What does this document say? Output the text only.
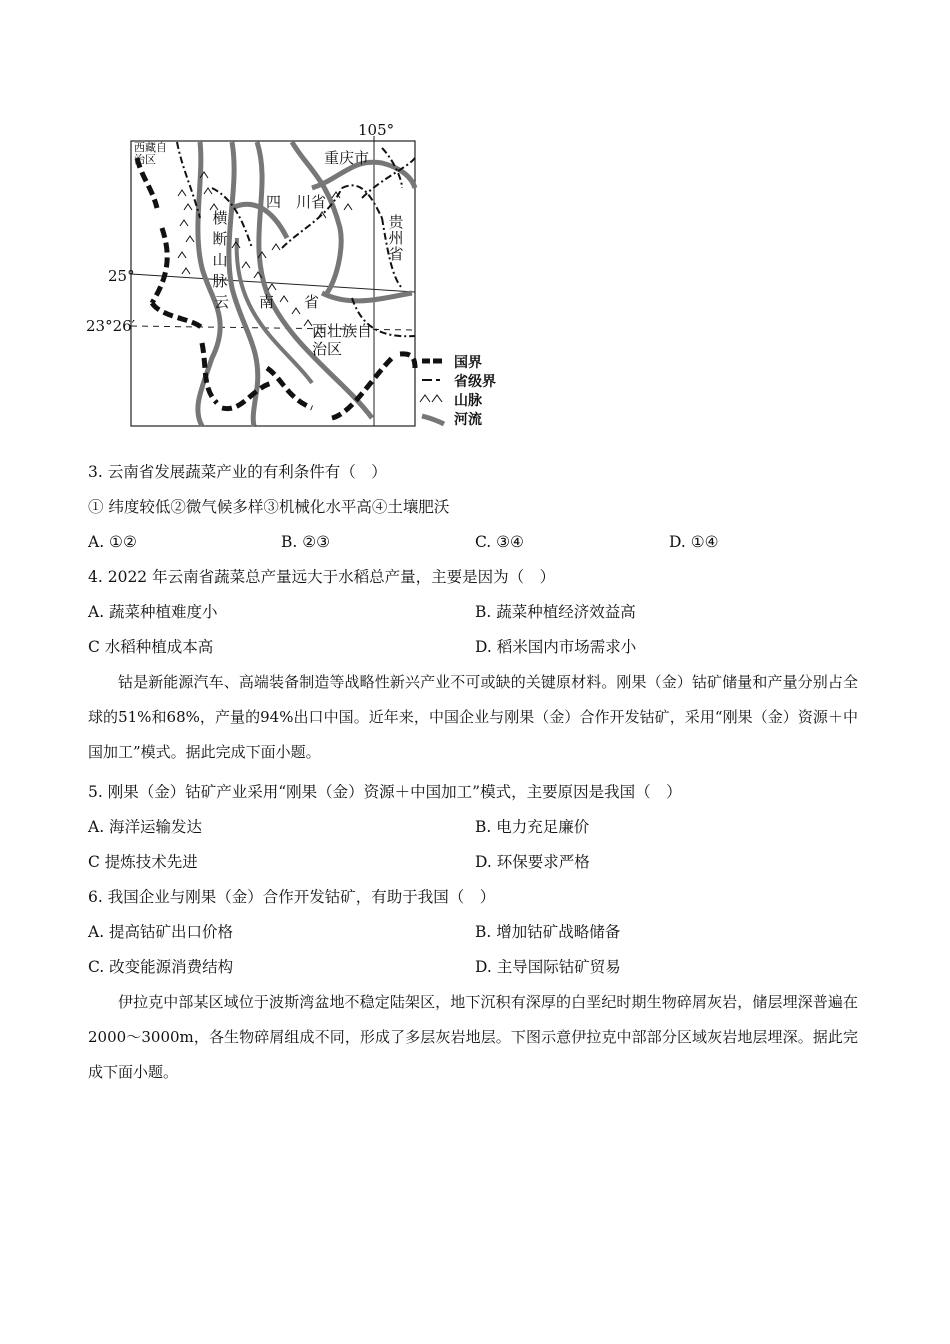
105°
25°
23°26′
西藏自治区	重庆市
四　川省
贵州省
横断山脉
云　　南　　省
西壮族自治区
国界
省级界
山脉
河流
3. 云南省发展蔬菜产业的有利条件有（　）
① 纬度较低②微气候多样③机械化水平高④土壤肥沃
A. ①②	B. ②③	C. ③④	D. ①④
4. 2022 年云南省蔬菜总产量远大于水稻总产量，主要是因为（　）
A. 蔬菜种植难度小	B. 蔬菜种植经济效益高
C 水稻种植成本高	D. 稻米国内市场需求小
钴是新能源汽车、高端装备制造等战略性新兴产业不可或缺的关键原材料。刚果（金）钴矿储量和产量分别占全球的51%和68%，产量的94%出口中国。近年来，中国企业与刚果（金）合作开发钴矿，采用“刚果（金）资源＋中国加工”模式。据此完成下面小题。
5. 刚果（金）钴矿产业采用“刚果（金）资源＋中国加工”模式，主要原因是我国（　）
A. 海洋运输发达	B. 电力充足廉价
C 提炼技术先进	D. 环保要求严格
6. 我国企业与刚果（金）合作开发钴矿，有助于我国（　）
A. 提高钴矿出口价格	B. 增加钴矿战略储备
C. 改变能源消费结构	D. 主导国际钴矿贸易
伊拉克中部某区域位于波斯湾盆地不稳定陆架区，地下沉积有深厚的白垩纪时期生物碎屑灰岩，储层埋深普遍在 2000～3000m，各生物碎屑组成不同，形成了多层灰岩地层。下图示意伊拉克中部部分区域灰岩地层埋深。据此完成下面小题。
